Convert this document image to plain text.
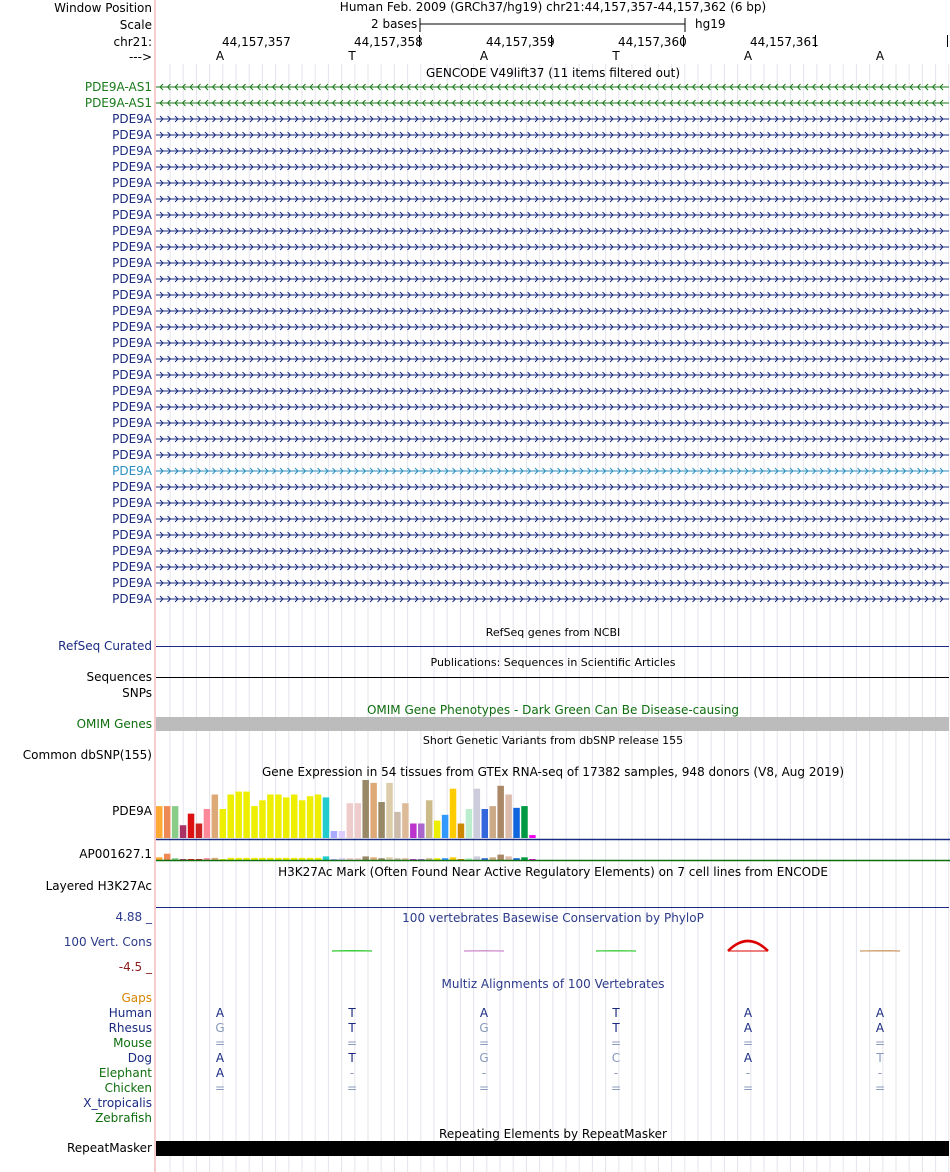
Window Position	Human Feb. 2009 (GRCh37/hg19) chr21:44,157,357-44,157,362 (6 bp)
Scale	2 bases	hg19
chr21:	44,157,357	44,157,358	44,157,359	44,157,360	44,157,361
--->	A	T	A	T	A	A
GENCODE V49lift37 (11 items filtered out)
PDE9A-AS1
PDE9A-AS1
PDE9A
PDE9A
PDE9A
PDE9A
PDE9A
PDE9A
PDE9A
PDE9A
PDE9A
PDE9A
PDE9A
PDE9A
PDE9A
PDE9A
PDE9A
PDE9A
PDE9A
PDE9A
PDE9A
PDE9A
PDE9A
PDE9A
PDE9A
PDE9A
PDE9A
PDE9A
PDE9A
PDE9A
PDE9A
PDE9A
PDE9A
RefSeq genes from NCBI
RefSeq Curated
Publications: Sequences in Scientific Articles
Sequences
SNPs
OMIM Gene Phenotypes - Dark Green Can Be Disease-causing
OMIM Genes
Short Genetic Variants from dbSNP release 155
Common dbSNP(155)
Gene Expression in 54 tissues from GTEx RNA-seq of 17382 samples, 948 donors (V8, Aug 2019)
PDE9A
AP001627.1
H3K27Ac Mark (Often Found Near Active Regulatory Elements) on 7 cell lines from ENCODE
Layered H3K27Ac
100 vertebrates Basewise Conservation by PhyloP
4.88 _
100 Vert. Cons
-4.5 _
Multiz Alignments of 100 Vertebrates
Gaps
Human	A	T	A	T	A	A
Rhesus	G	T	G	T	A	A
Mouse	=	=	=	=	=	=
Dog	A	T	G	C	A	T
Elephant	A	-	-	-	-	-
Chicken	=	=	=	=	=	=
X_tropicalis
Zebrafish
Repeating Elements by RepeatMasker
RepeatMasker
